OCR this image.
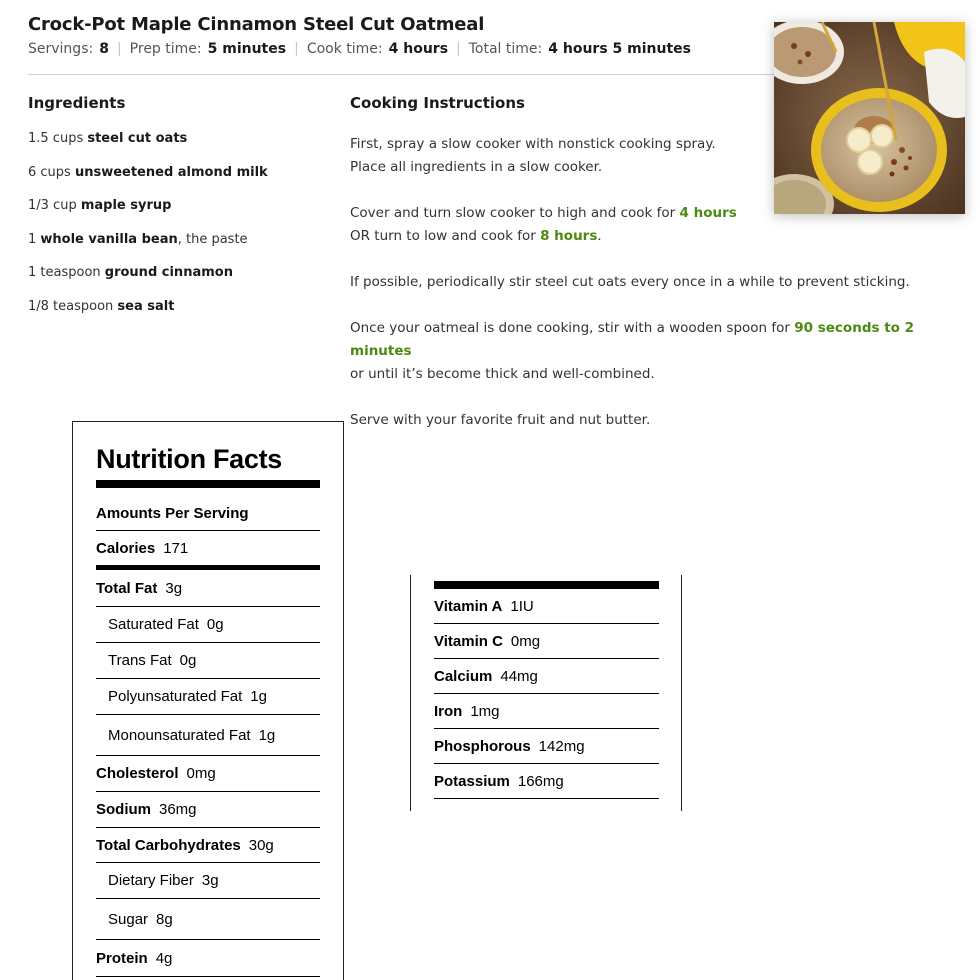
Crock-Pot Maple Cinnamon Steel Cut Oatmeal
Servings: 8 | Prep time: 5 minutes | Cook time: 4 hours | Total time: 4 hours 5 minutes
Ingredients
1.5 cups steel cut oats
6 cups unsweetened almond milk
1/3 cup maple syrup
1 whole vanilla bean, the paste
1 teaspoon ground cinnamon
1/8 teaspoon sea salt
Cooking Instructions
First, spray a slow cooker with nonstick cooking spray.
Place all ingredients in a slow cooker.
Cover and turn slow cooker to high and cook for 4 hours
OR turn to low and cook for 8 hours.
If possible, periodically stir steel cut oats every once in a while to prevent sticking.
Once your oatmeal is done cooking, stir with a wooden spoon for 90 seconds to 2 minutes
or until it’s become thick and well-combined.
Serve with your favorite fruit and nut butter.
Nutrition Facts
Amounts Per Serving
Calories 171
Total Fat 3g
Saturated Fat 0g
Trans Fat 0g
Polyunsaturated Fat 1g
Monounsaturated Fat 1g
Cholesterol 0mg
Sodium 36mg
Total Carbohydrates 30g
Dietary Fiber 3g
Sugar 8g
Protein 4g
Vitamin A 1IU
Vitamin C 0mg
Calcium 44mg
Iron 1mg
Phosphorous 142mg
Potassium 166mg
